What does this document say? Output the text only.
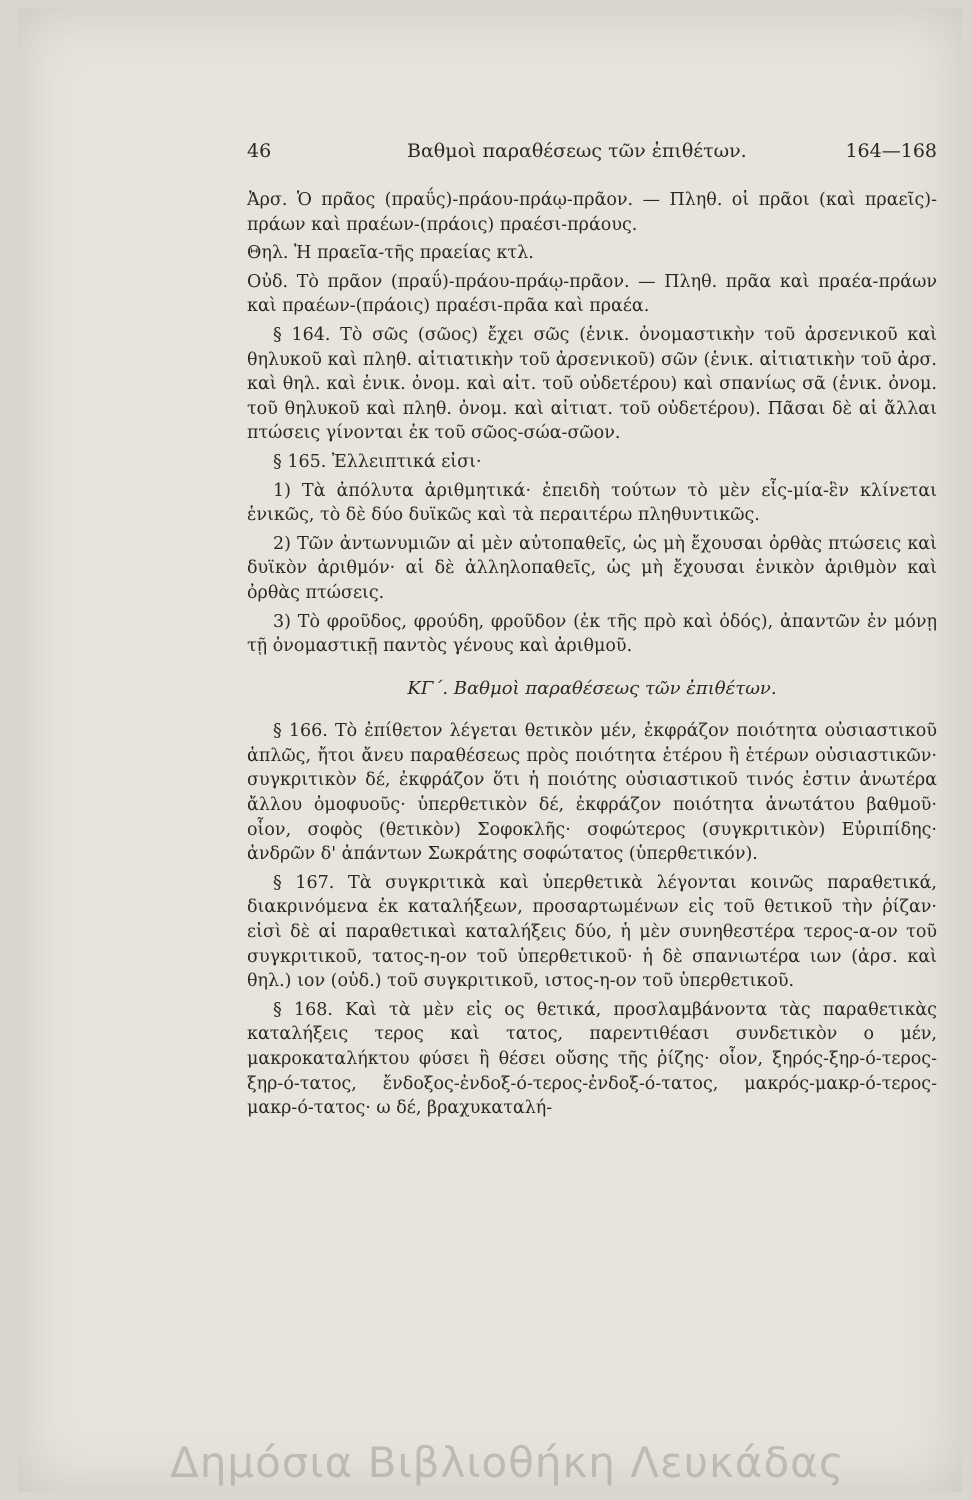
46	Βαθμοὶ παραθέσεως τῶν ἐπιθέτων.	164—168

Ἀρσ. Ὁ πρᾶος (πραΰς)-πράου-πράῳ-πρᾶον. — Πληθ. οἱ πρᾶοι (καὶ πραεῖς)-πράων καὶ πραέων-(πράοις) πραέσι-πράους.

Θηλ. Ἡ πραεῖα-τῆς πραείας κτλ.

Οὐδ. Τὸ πρᾶον (πραΰ)-πράου-πράῳ-πρᾶον. — Πληθ. πρᾶα καὶ πραέα-πράων καὶ πραέων-(πράοις) πραέσι-πρᾶα καὶ πραέα.

§ 164. Τὸ σῶς (σῶος) ἔχει σῶς (ἑνικ. ὀνομαστικὴν τοῦ ἀρσενικοῦ καὶ θηλυκοῦ καὶ πληθ. αἰτιατικὴν τοῦ ἀρσενικοῦ) σῶν (ἑνικ. αἰτιατικὴν τοῦ ἀρσ. καὶ θηλ. καὶ ἑνικ. ὀνομ. καὶ αἰτ. τοῦ οὐδετέρου) καὶ σπανίως σᾶ (ἑνικ. ὀνομ. τοῦ θηλυκοῦ καὶ πληθ. ὀνομ. καὶ αἰτιατ. τοῦ οὐδετέρου). Πᾶσαι δὲ αἱ ἄλλαι πτώσεις γίνονται ἐκ τοῦ σῶος-σώα-σῶον.

§ 165. Ἐλλειπτικά εἰσι·

1) Τὰ ἀπόλυτα ἀριθμητικά· ἐπειδὴ τούτων τὸ μὲν εἷς-μία-ἓν κλίνεται ἑνικῶς, τὸ δὲ δύο δυϊκῶς καὶ τὰ περαιτέρω πληθυντικῶς.

2) Τῶν ἀντωνυμιῶν αἱ μὲν αὐτοπαθεῖς, ὡς μὴ ἔχουσαι ὀρθὰς πτώσεις καὶ δυϊκὸν ἀριθμόν· αἱ δὲ ἀλληλοπαθεῖς, ὡς μὴ ἔχουσαι ἑνικὸν ἀριθμὸν καὶ ὀρθὰς πτώσεις.

3) Τὸ φροῦδος, φρούδη, φροῦδον (ἐκ τῆς πρὸ καὶ ὁδός), ἀπαντῶν ἐν μόνῃ τῇ ὀνομαστικῇ παντὸς γένους καὶ ἀριθμοῦ.

ΚΓ΄. Βαθμοὶ παραθέσεως τῶν ἐπιθέτων.

§ 166. Τὸ ἐπίθετον λέγεται θετικὸν μέν, ἐκφράζον ποιότητα οὐσιαστικοῦ ἁπλῶς, ἤτοι ἄνευ παραθέσεως πρὸς ποιότητα ἑτέρου ἢ ἑτέρων οὐσιαστικῶν· συγκριτικὸν δέ, ἐκφράζον ὅτι ἡ ποιότης οὐσιαστικοῦ τινός ἐστιν ἀνωτέρα ἄλλου ὁμοφυοῦς· ὑπερθετικὸν δέ, ἐκφράζον ποιότητα ἀνωτάτου βαθμοῦ· οἷον, σοφὸς (θετικὸν) Σοφοκλῆς· σοφώτερος (συγκριτικὸν) Εὐριπίδης· ἀνδρῶν δ' ἁπάντων Σωκράτης σοφώτατος (ὑπερθετικόν).

§ 167. Τὰ συγκριτικὰ καὶ ὑπερθετικὰ λέγονται κοινῶς παραθετικά, διακρινόμενα ἐκ καταλήξεων, προσαρτωμένων εἰς τοῦ θετικοῦ τὴν ῥίζαν· εἰσὶ δὲ αἱ παραθετικαὶ καταλήξεις δύο, ἡ μὲν συνηθεστέρα τερος-α-ον τοῦ συγκριτικοῦ, τατος-η-ον τοῦ ὑπερθετικοῦ· ἡ δὲ σπανιωτέρα ιων (ἀρσ. καὶ θηλ.) ιον (οὐδ.) τοῦ συγκριτικοῦ, ιστος-η-ον τοῦ ὑπερθετικοῦ.

§ 168. Καὶ τὰ μὲν εἰς ος θετικά, προσλαμβάνοντα τὰς παραθετικὰς καταλήξεις τερος καὶ τατος, παρεντιθέασι συνδετικὸν ο μέν, μακροκαταλήκτου φύσει ἢ θέσει οὔσης τῆς ῥίζης· οἷον, ξηρός-ξηρ-ό-τερος-ξηρ-ό-τατος, ἔνδοξος-ἐνδοξ-ό-τερος-ἐνδοξ-ό-τατος, μακρός-μακρ-ό-τερος-μακρ-ό-τατος· ω δέ, βραχυκαταλή-

Δημόσια Βιβλιοθήκη Λευκάδας
